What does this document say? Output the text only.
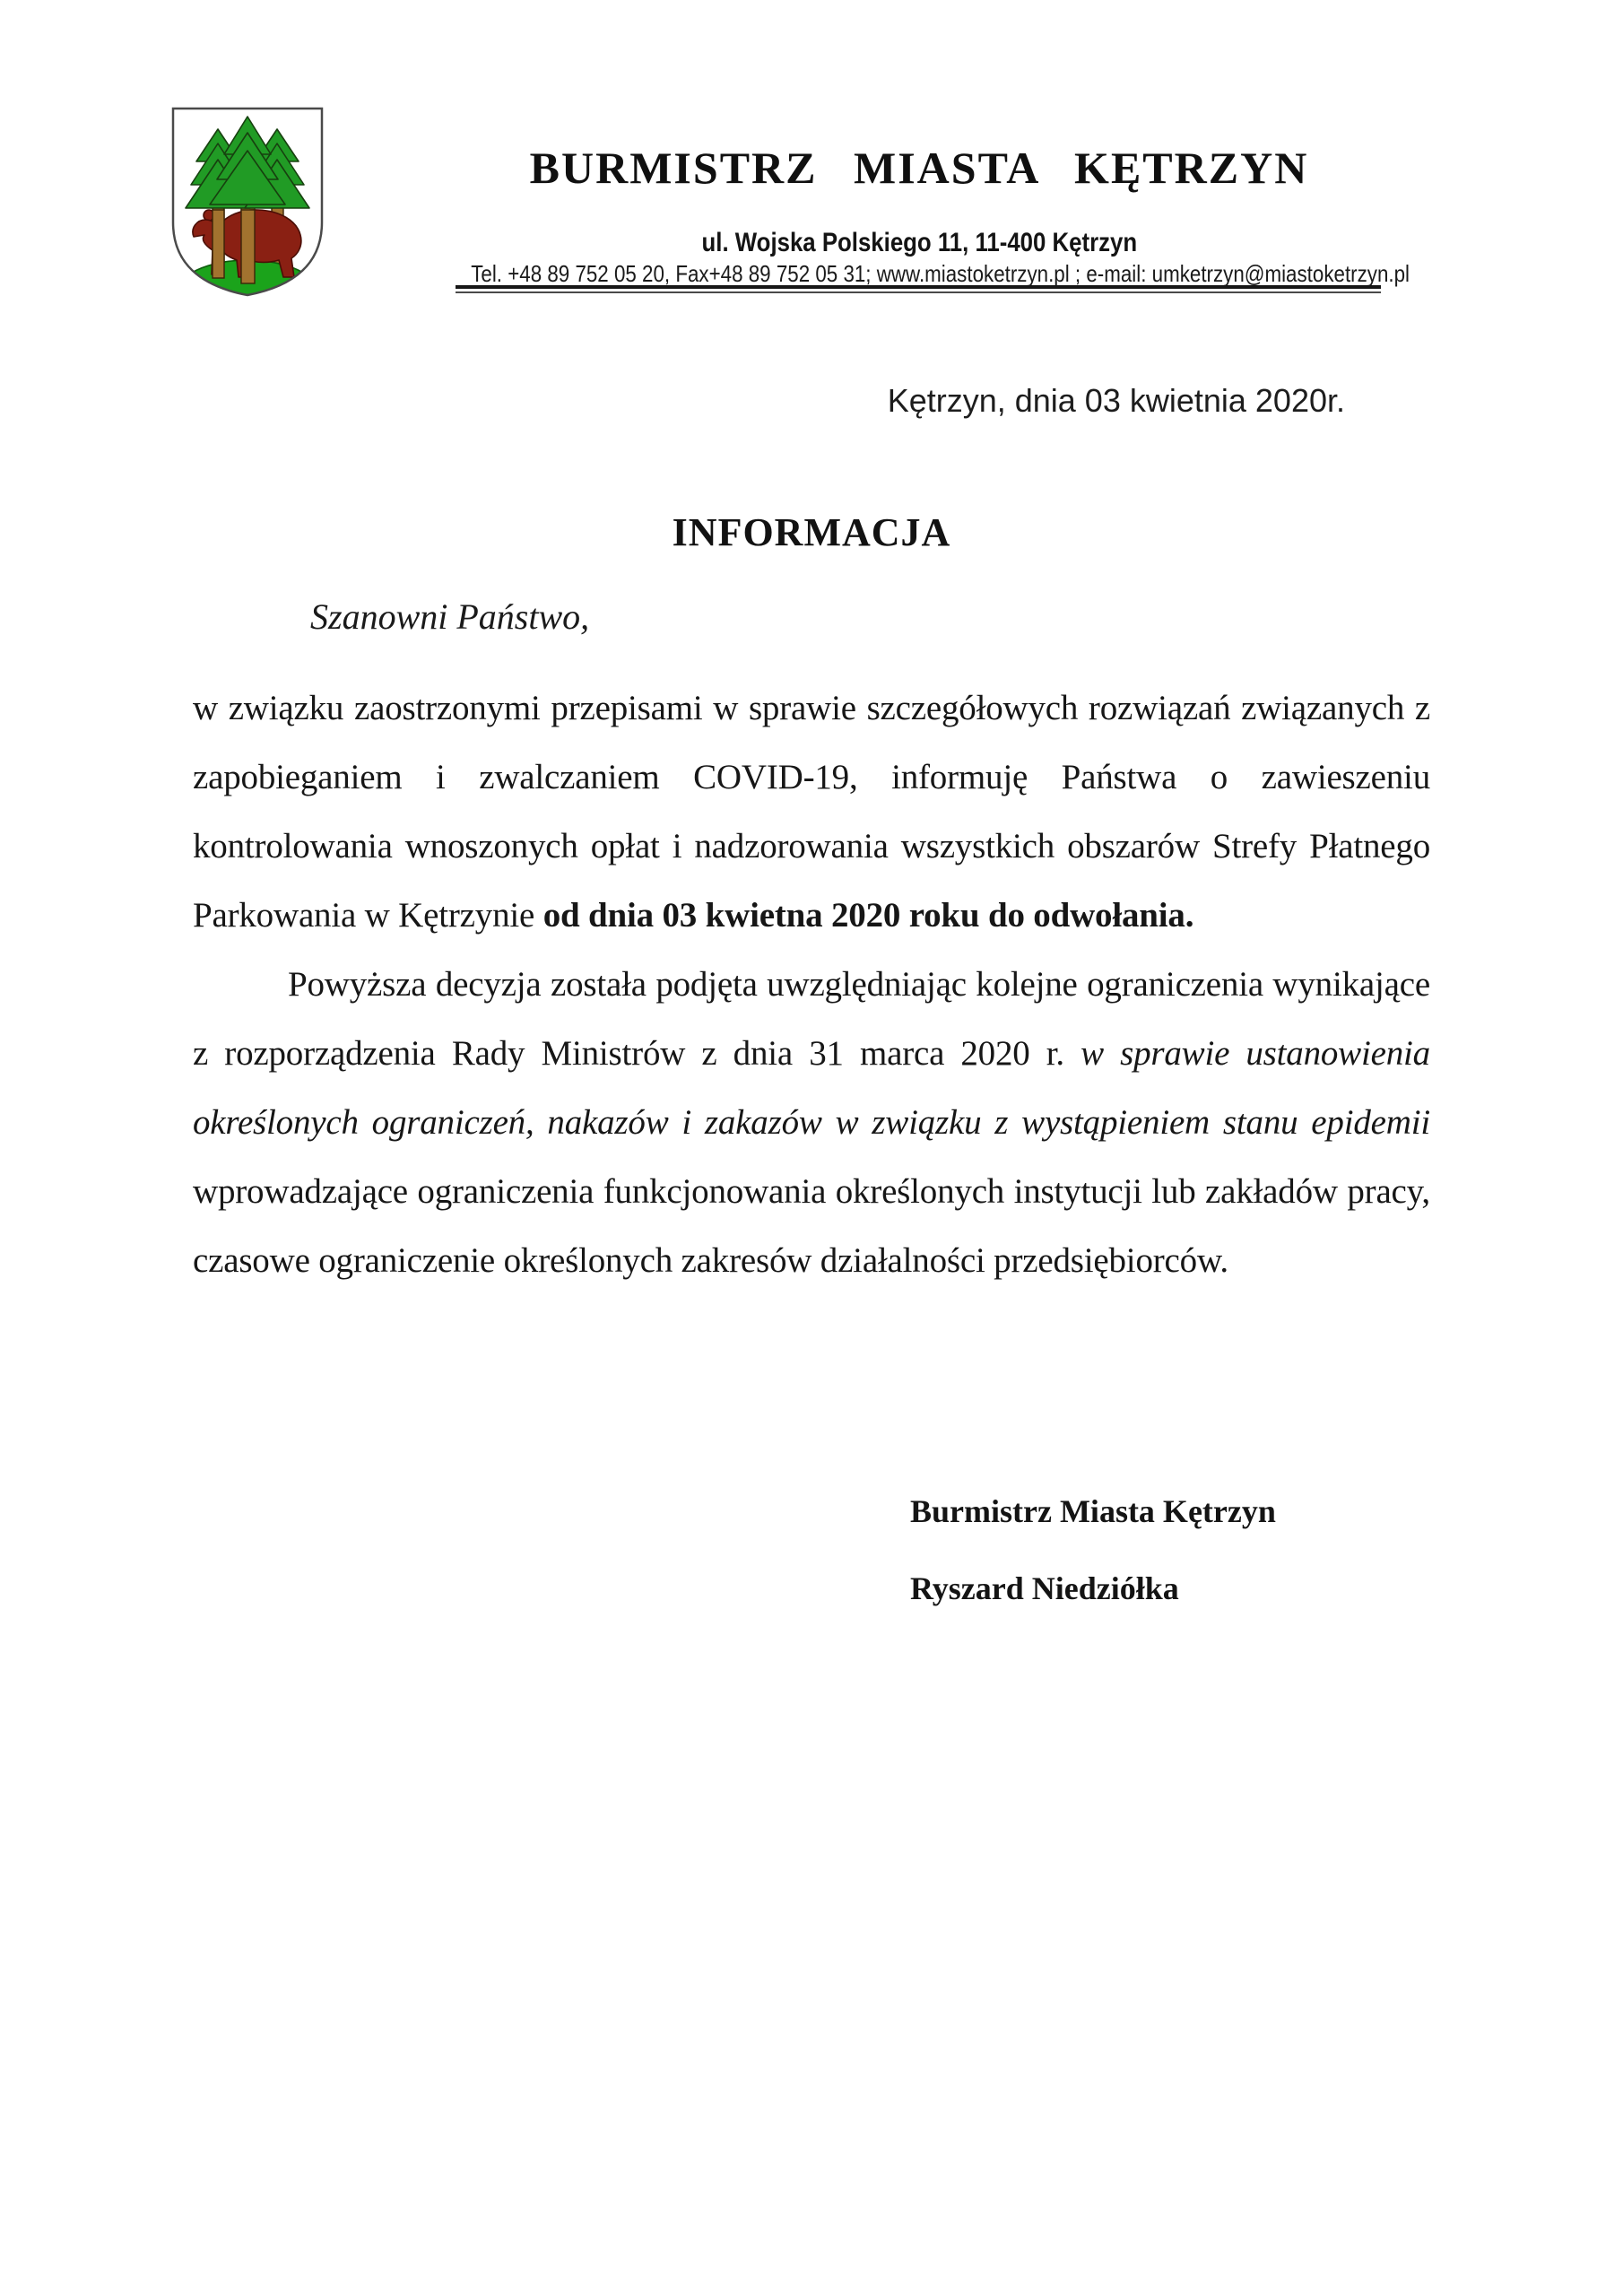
BURMISTRZ MIASTA KĘTRZYN
ul. Wojska Polskiego 11, 11-400 Kętrzyn
Tel. +48 89 752 05 20, Fax+48 89 752 05 31; www.miastoketrzyn.pl ; e-mail: umketrzyn@miastoketrzyn.pl
Kętrzyn, dnia 03 kwietnia 2020r.
INFORMACJA
Szanowni Państwo,

w związku zaostrzonymi przepisami w sprawie szczegółowych rozwiązań związanych z zapobieganiem i zwalczaniem COVID-19, informuję Państwa o zawieszeniu kontrolowania wnoszonych opłat i nadzorowania wszystkich obszarów Strefy Płatnego Parkowania w Kętrzynie od dnia 03 kwietna 2020 roku do odwołania.

Powyższa decyzja została podjęta uwzględniając kolejne ograniczenia wynikające z rozporządzenia Rady Ministrów z dnia 31 marca 2020 r. w sprawie ustanowienia określonych ograniczeń, nakazów i zakazów w związku z wystąpieniem stanu epidemii wprowadzające ograniczenia funkcjonowania określonych instytucji lub zakładów pracy, czasowe ograniczenie określonych zakresów działalności przedsiębiorców.

Burmistrz Miasta Kętrzyn
Ryszard Niedziółka
